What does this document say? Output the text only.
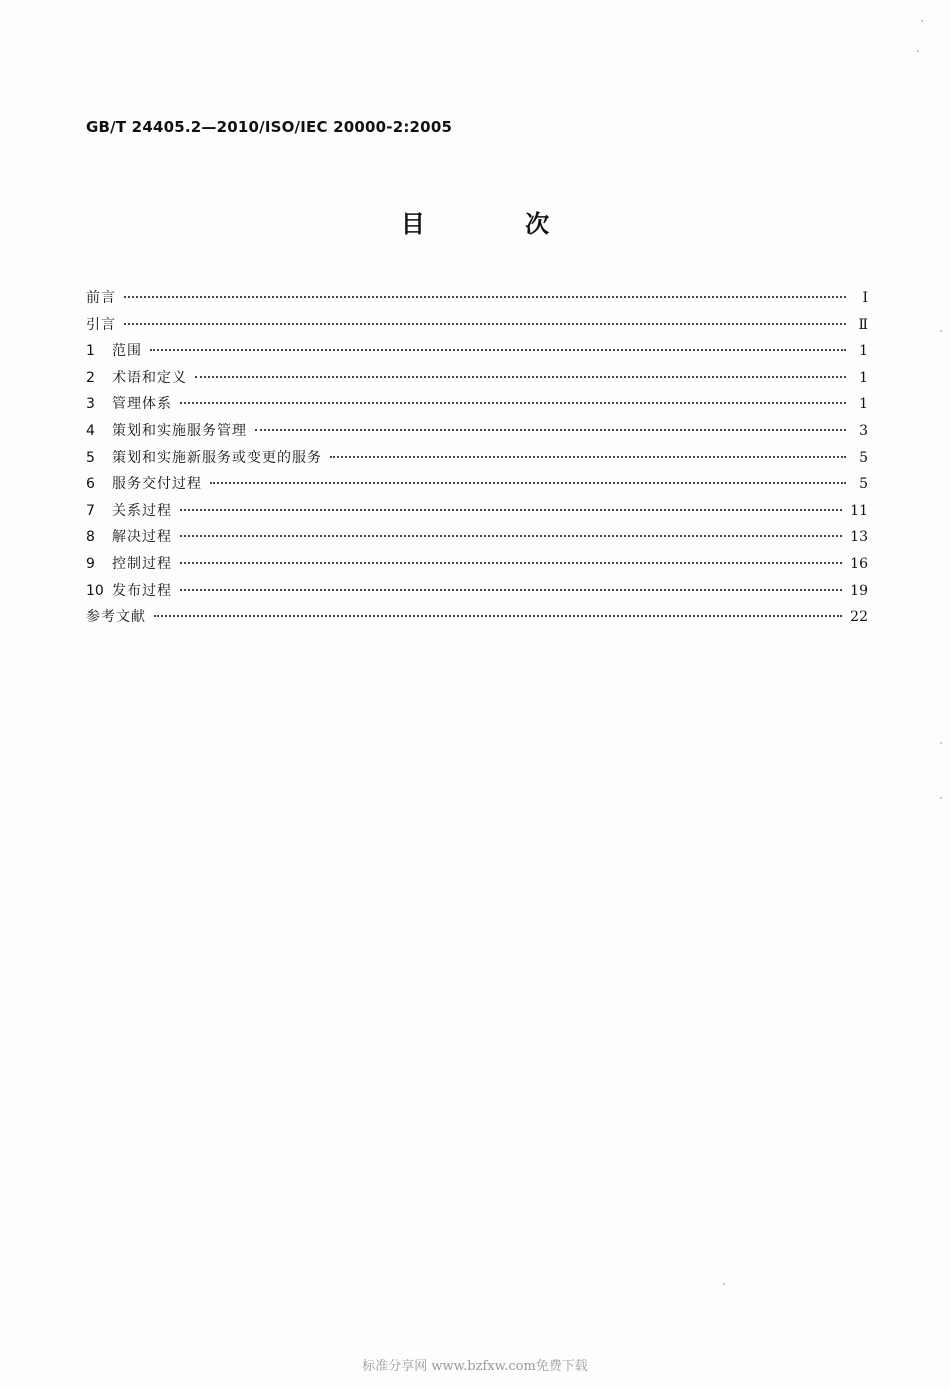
GB/T 24405.2—2010/ISO/IEC 20000-2:2005
目 次
前言	Ⅰ
引言	Ⅱ
1	范围	1
2	术语和定义	1
3	管理体系	1
4	策划和实施服务管理	3
5	策划和实施新服务或变更的服务	5
6	服务交付过程	5
7	关系过程	11
8	解决过程	13
9	控制过程	16
10 发布过程	19
参考文献	22
标准分享网 www.bzfxw.com免费下载
